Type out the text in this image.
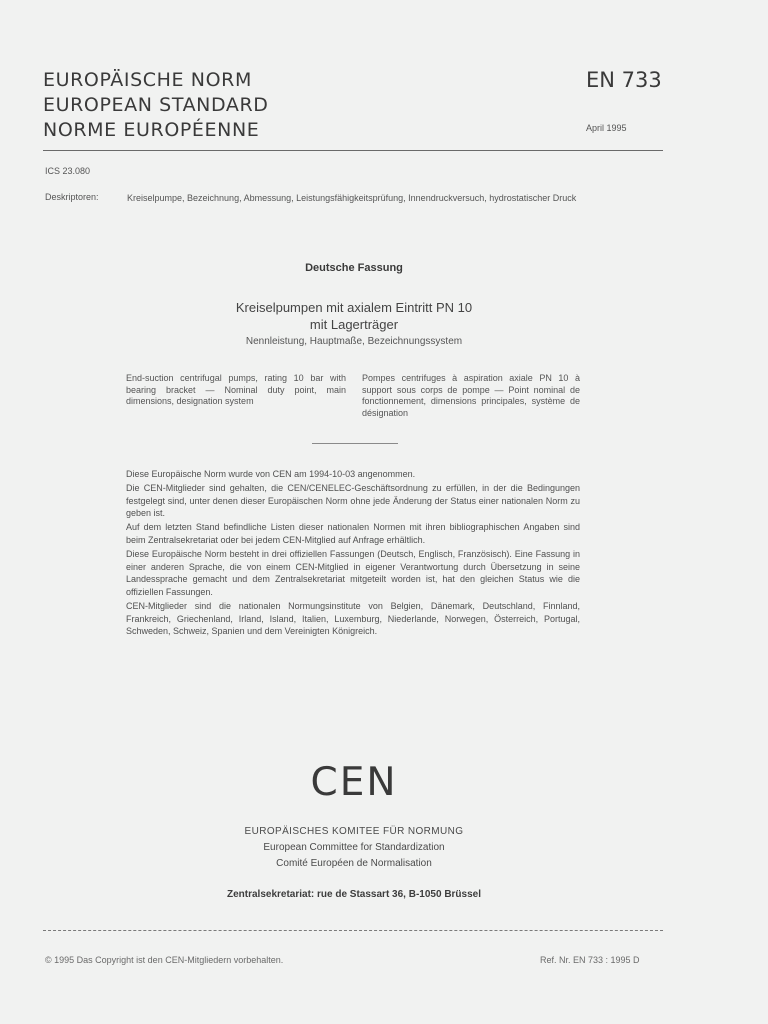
EUROPÄISCHE NORM
EUROPEAN STANDARD
NORME EUROPÉENNE
EN 733
April 1995
ICS 23.080
Deskriptoren:	Kreiselpumpe, Bezeichnung, Abmessung, Leistungsfähigkeitsprüfung, Innendruckversuch, hydrostatischer Druck
Deutsche Fassung
Kreiselpumpen mit axialem Eintritt PN 10
mit Lagerträger
Nennleistung, Hauptmaße, Bezeichnungssystem
End-suction centrifugal pumps, rating 10 bar with bearing bracket — Nominal duty point, main dimensions, designation system
Pompes centrifuges à aspiration axiale PN 10 à support sous corps de pompe — Point nominal de fonctionnement, dimensions principales, système de désignation

Diese Europäische Norm wurde von CEN am 1994-10-03 angenommen.

Die CEN-Mitglieder sind gehalten, die CEN/CENELEC-Geschäftsordnung zu erfüllen, in der die Bedingungen festgelegt sind, unter denen dieser Europäischen Norm ohne jede Änderung der Status einer nationalen Norm zu geben ist.

Auf dem letzten Stand befindliche Listen dieser nationalen Normen mit ihren bibliographischen Angaben sind beim Zentralsekretariat oder bei jedem CEN-Mitglied auf Anfrage erhältlich.

Diese Europäische Norm besteht in drei offiziellen Fassungen (Deutsch, Englisch, Französisch). Eine Fassung in einer anderen Sprache, die von einem CEN-Mitglied in eigener Verantwortung durch Übersetzung in seine Landessprache gemacht und dem Zentralsekretariat mitgeteilt worden ist, hat den gleichen Status wie die offiziellen Fassungen.

CEN-Mitglieder sind die nationalen Normungsinstitute von Belgien, Dänemark, Deutschland, Finnland, Frankreich, Griechenland, Irland, Island, Italien, Luxemburg, Niederlande, Norwegen, Österreich, Portugal, Schweden, Schweiz, Spanien und dem Vereinigten Königreich.

CEN
EUROPÄISCHES KOMITEE FÜR NORMUNG
European Committee for Standardization
Comité Européen de Normalisation
Zentralsekretariat: rue de Stassart 36, B-1050 Brüssel
© 1995 Das Copyright ist den CEN-Mitgliedern vorbehalten.	Ref. Nr. EN 733 : 1995 D
